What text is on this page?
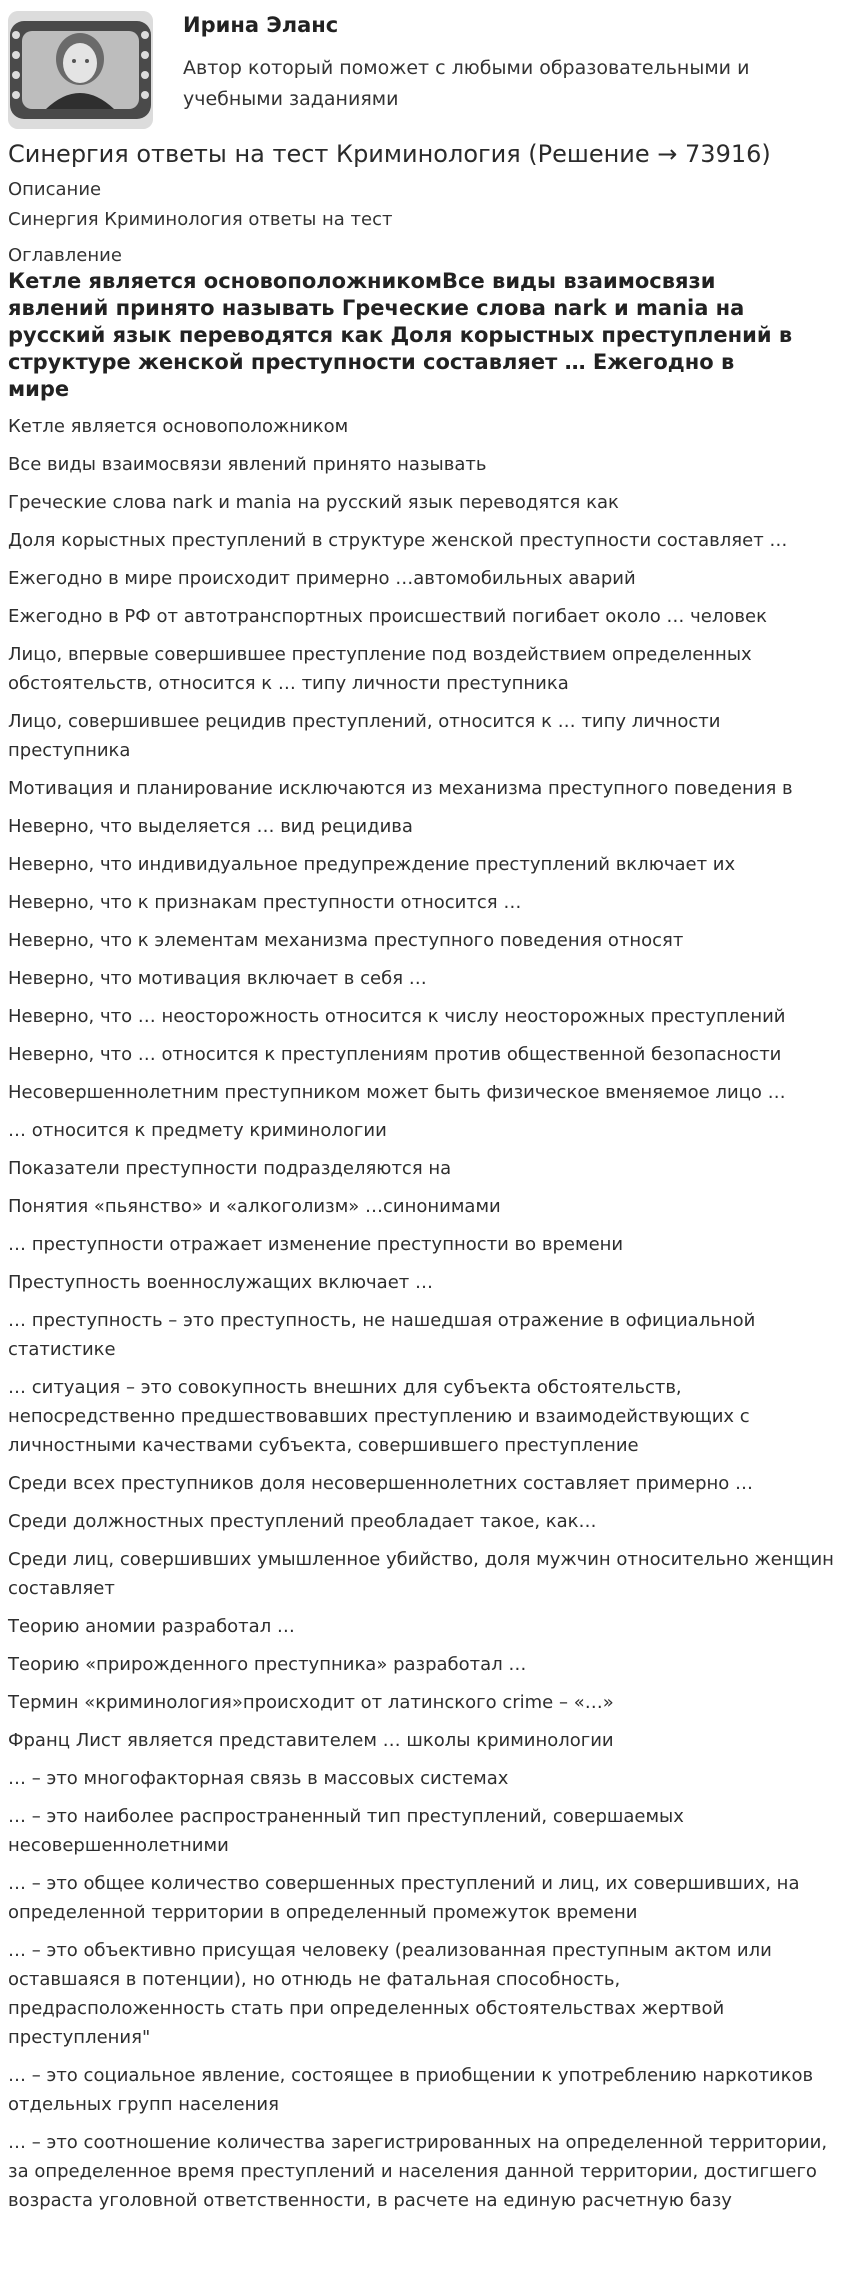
Ирина Эланс
Автор который поможет с любыми образовательными и учебными заданиями
Синергия ответы на тест Криминология (Решение → 73916)

Описание

Синергия Криминология ответы на тест

Оглавление

Кетле является основоположникомВсе виды взаимосвязи явлений принято называть Греческие слова nark и mania на русский язык переводятся как Доля корыстных преступлений в структуре женской преступности составляет … Ежегодно в мире
Кетле является основоположником
Все виды взаимосвязи явлений принято называть
Греческие слова nark и mania на русский язык переводятся как
Доля корыстных преступлений в структуре женской преступности составляет …
Ежегодно в мире происходит примерно …автомобильных аварий
Ежегодно в РФ от автотранспортных происшествий погибает около … человек
Лицо, впервые совершившее преступление под воздействием определенных обстоятельств, относится к … типу личности преступника
Лицо, совершившее рецидив преступлений, относится к … типу личности преступника
Мотивация и планирование исключаются из механизма преступного поведения в
Неверно, что выделяется … вид рецидива
Неверно, что индивидуальное предупреждение преступлений включает их
Неверно, что к признакам преступности относится …
Неверно, что к элементам механизма преступного поведения относят
Неверно, что мотивация включает в себя …
Неверно, что … неосторожность относится к числу неосторожных преступлений
Неверно, что … относится к преступлениям против общественной безопасности
Несовершеннолетним преступником может быть физическое вменяемое лицо …
… относится к предмету криминологии
Показатели преступности подразделяются на
Понятия «пьянство» и «алкоголизм» …синонимами
… преступности отражает изменение преступности во времени
Преступность военнослужащих включает …
… преступность – это преступность, не нашедшая отражение в официальной статистике
… ситуация – это совокупность внешних для субъекта обстоятельств, непосредственно предшествовавших преступлению и взаимодействующих с личностными качествами субъекта, совершившего преступление
Среди всех преступников доля несовершеннолетних составляет примерно …
Среди должностных преступлений преобладает такое, как…
Среди лиц, совершивших умышленное убийство, доля мужчин относительно женщин составляет
Теорию аномии разработал …
Теорию «прирожденного преступника» разработал …
Термин «криминология»происходит от латинского crime – «…»
Франц Лист является представителем … школы криминологии
… – это многофакторная связь в массовых системах
… – это наиболее распространенный тип преступлений, совершаемых несовершеннолетними
… – это общее количество совершенных преступлений и лиц, их совершивших, на определенной территории в определенный промежуток времени
… – это объективно присущая человеку (реализованная преступным актом или оставшаяся в потенции), но отнюдь не фатальная способность, предрасположенность стать при определенных обстоятельствах жертвой преступления"
… – это социальное явление, состоящее в приобщении к употреблению наркотиков отдельных групп населения
… – это соотношение количества зарегистрированных на определенной территории, за определенное время преступлений и населения данной территории, достигшего возраста уголовной ответственности, в расчете на единую расчетную базу
